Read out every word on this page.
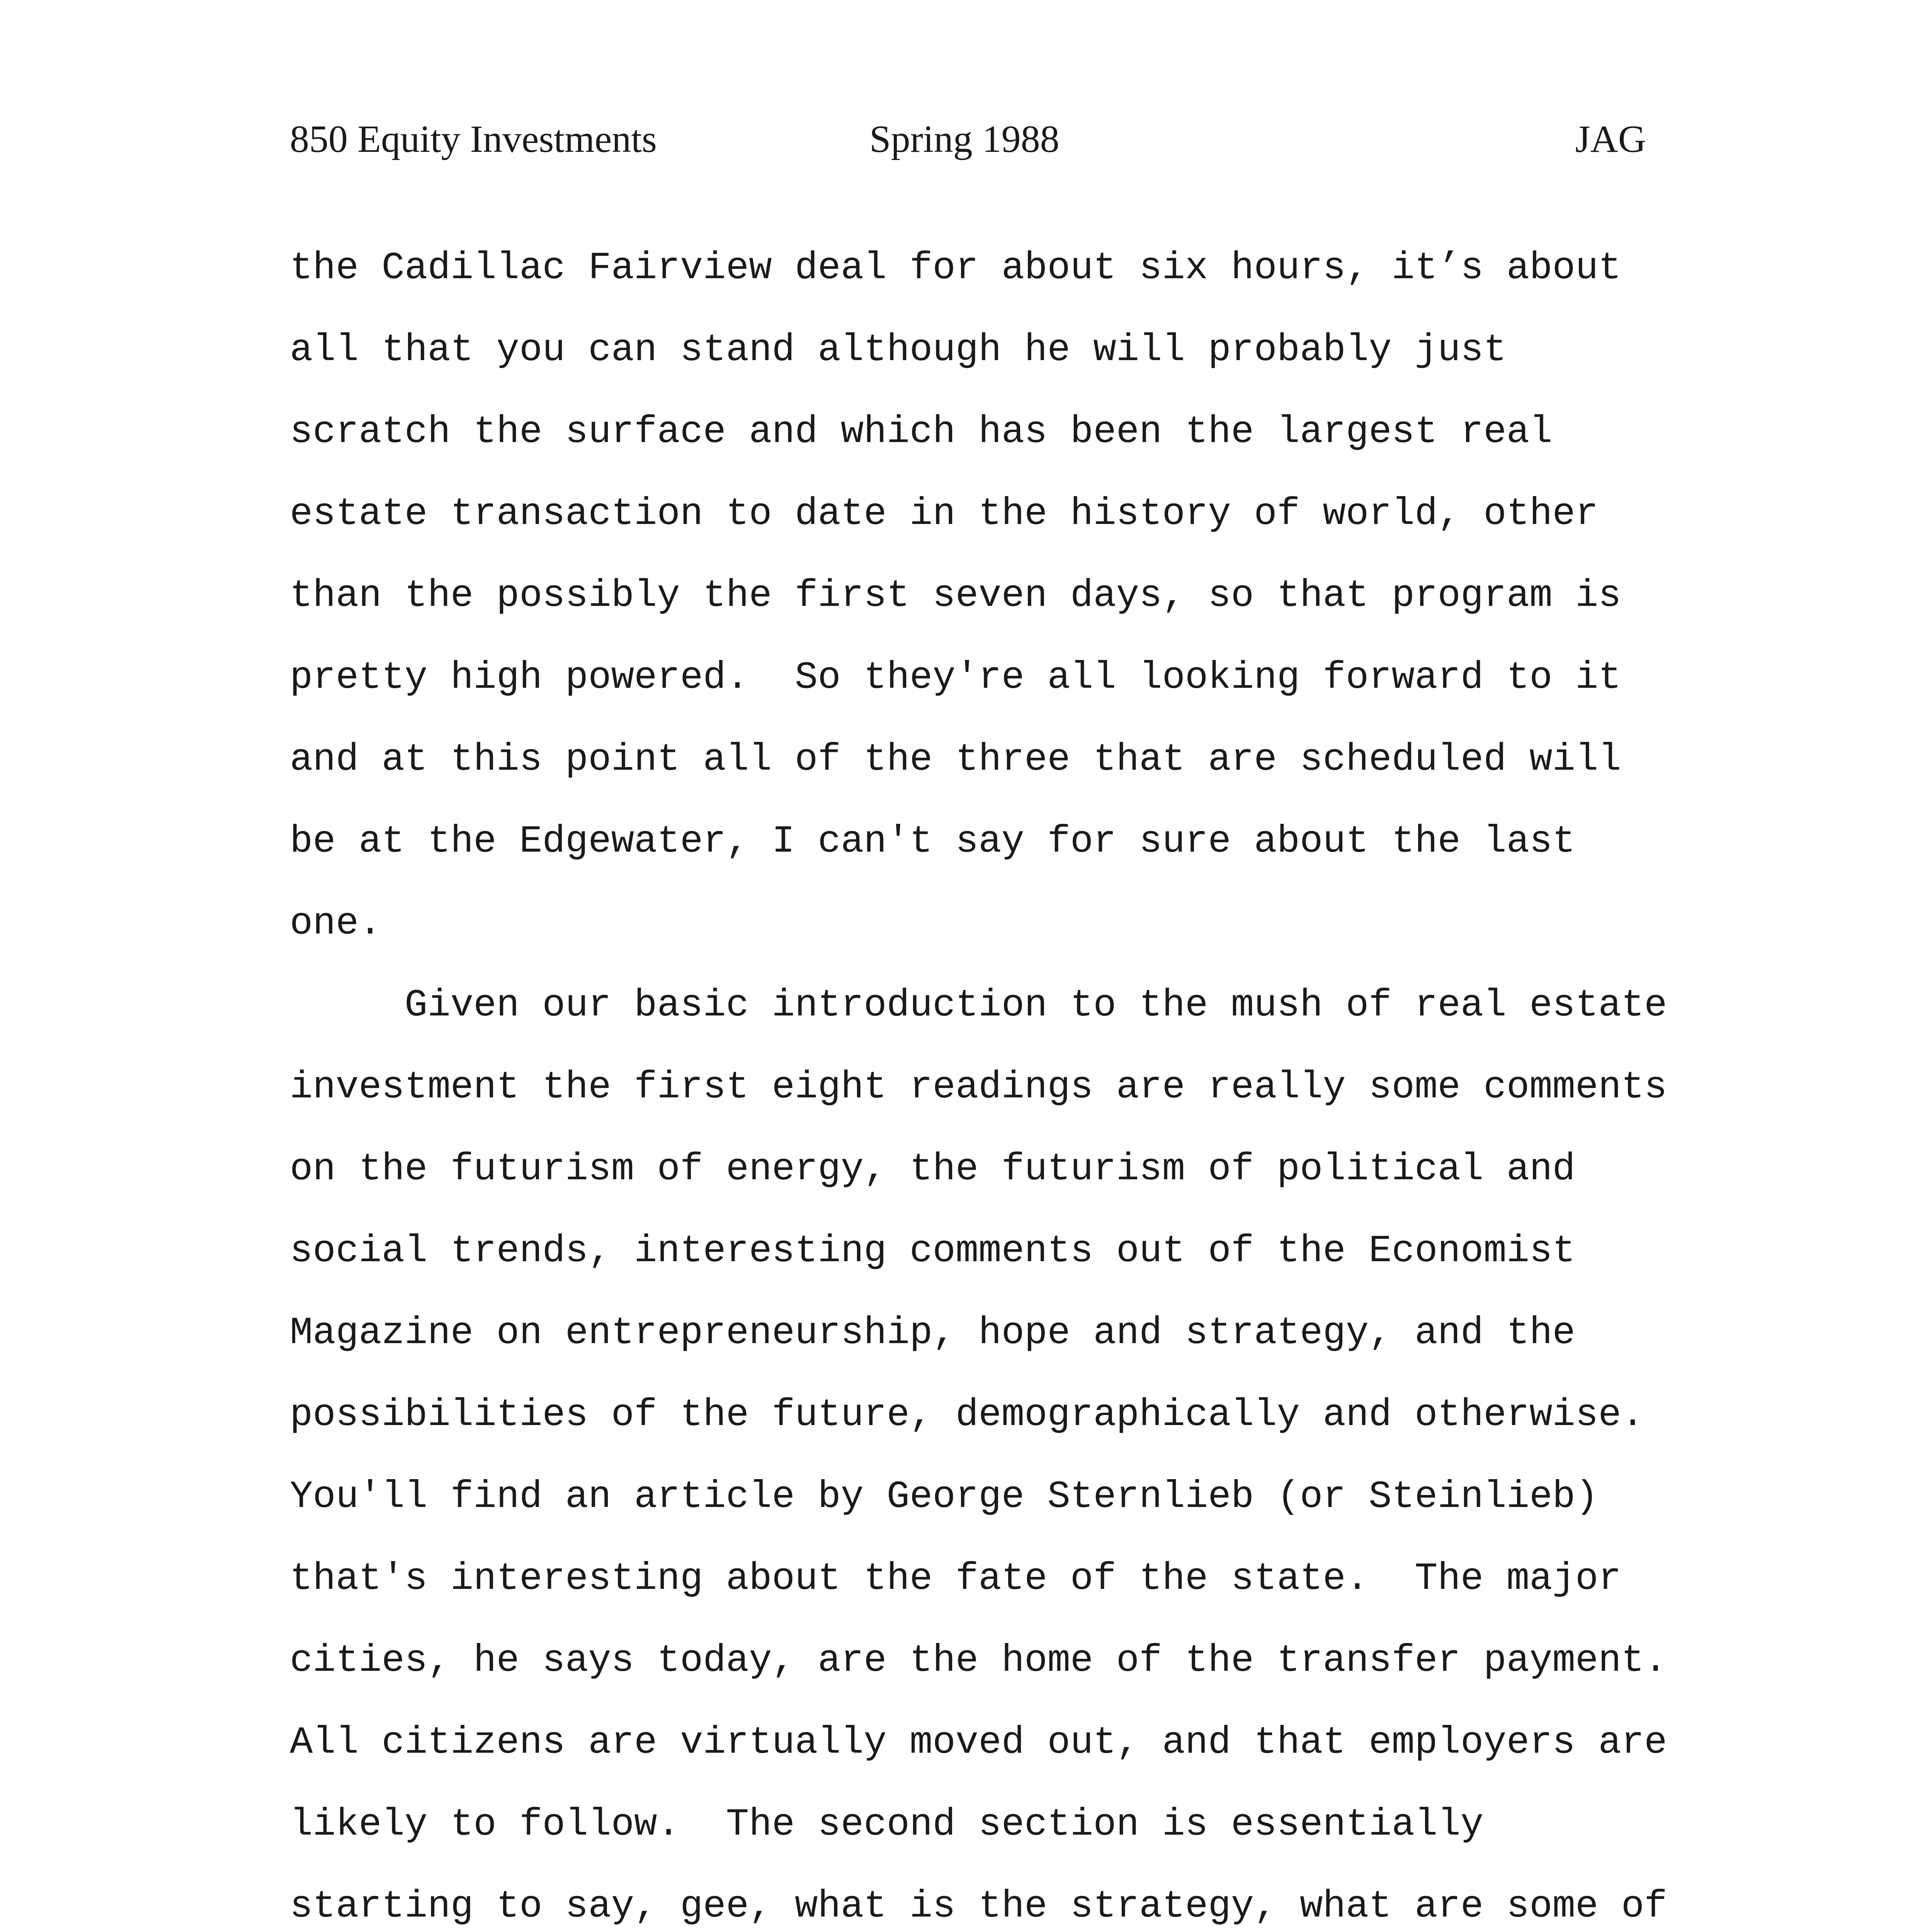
850 Equity Investments	Spring 1988	JAG
the Cadillac Fairview deal for about six hours, it’s about
all that you can stand although he will probably just
scratch the surface and which has been the largest real
estate transaction to date in the history of world, other
than the possibly the first seven days, so that program is
pretty high powered.  So they're all looking forward to it
and at this point all of the three that are scheduled will
be at the Edgewater, I can't say for sure about the last
one.
Given our basic introduction to the mush of real estate
investment the first eight readings are really some comments
on the futurism of energy, the futurism of political and
social trends, interesting comments out of the Economist
Magazine on entrepreneurship, hope and strategy, and the
possibilities of the future, demographically and otherwise.
You'll find an article by George Sternlieb (or Steinlieb)
that's interesting about the fate of the state.  The major
cities, he says today, are the home of the transfer payment.
All citizens are virtually moved out, and that employers are
likely to follow.  The second section is essentially
starting to say, gee, what is the strategy, what are some of
